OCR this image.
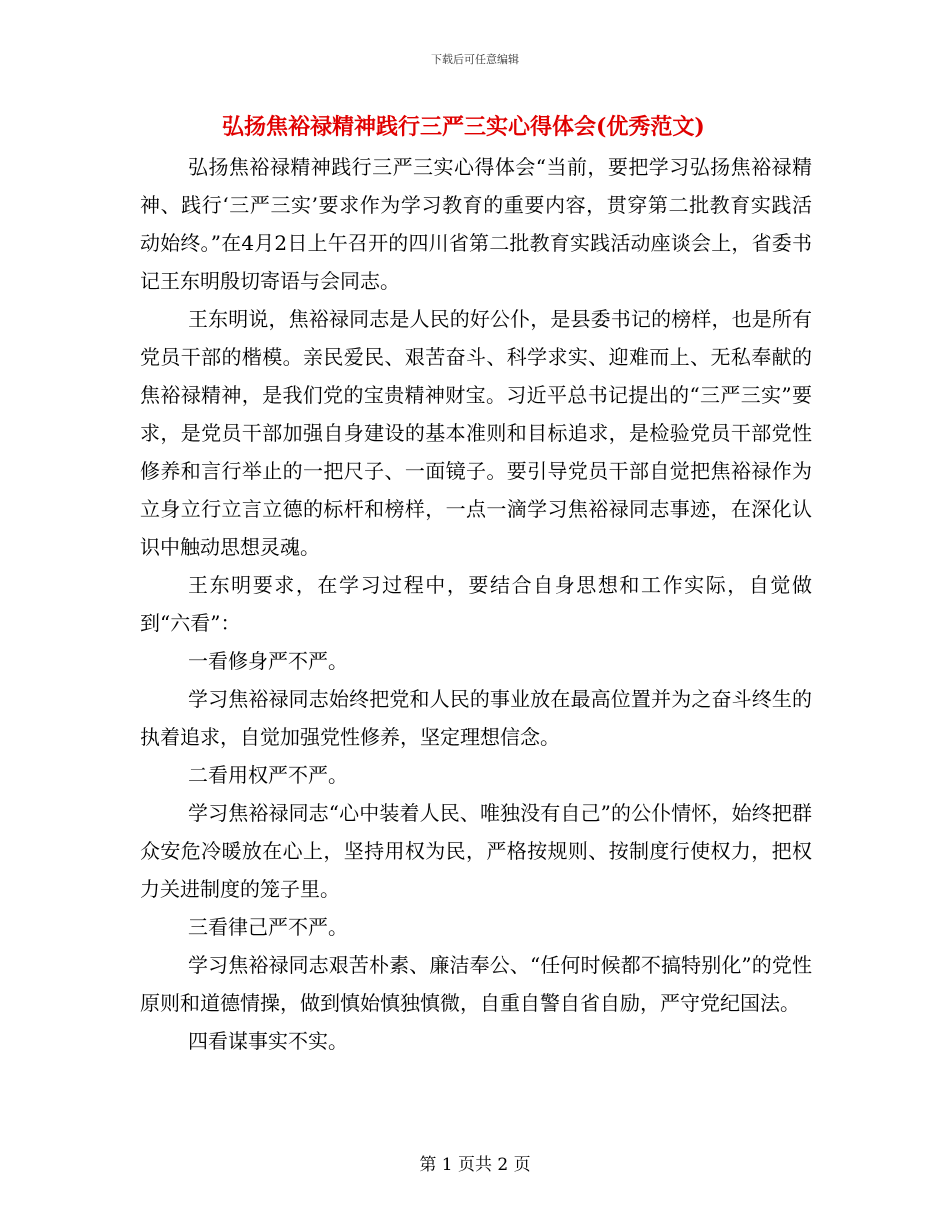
下载后可任意编辑
弘扬焦裕禄精神践行三严三实心得体会(优秀范文)

弘扬焦裕禄精神践行三严三实心得体会“当前，要把学习弘扬焦裕禄精神、践行‘三严三实’要求作为学习教育的重要内容，贯穿第二批教育实践活动始终。”在4月2日上午召开的四川省第二批教育实践活动座谈会上，省委书记王东明殷切寄语与会同志。

王东明说，焦裕禄同志是人民的好公仆，是县委书记的榜样，也是所有党员干部的楷模。亲民爱民、艰苦奋斗、科学求实、迎难而上、无私奉献的焦裕禄精神，是我们党的宝贵精神财宝。习近平总书记提出的“三严三实”要求，是党员干部加强自身建设的基本准则和目标追求，是检验党员干部党性修养和言行举止的一把尺子、一面镜子。要引导党员干部自觉把焦裕禄作为立身立行立言立德的标杆和榜样，一点一滴学习焦裕禄同志事迹，在深化认识中触动思想灵魂。

王东明要求，在学习过程中，要结合自身思想和工作实际，自觉做到“六看”：

一看修身严不严。

学习焦裕禄同志始终把党和人民的事业放在最高位置并为之奋斗终生的执着追求，自觉加强党性修养，坚定理想信念。

二看用权严不严。

学习焦裕禄同志“心中装着人民、唯独没有自己”的公仆情怀，始终把群众安危冷暖放在心上，坚持用权为民，严格按规则、按制度行使权力，把权力关进制度的笼子里。

三看律己严不严。

学习焦裕禄同志艰苦朴素、廉洁奉公、“任何时候都不搞特别化”的党性原则和道德情操，做到慎始慎独慎微，自重自警自省自励，严守党纪国法。

四看谋事实不实。

第 1 页共 2 页
